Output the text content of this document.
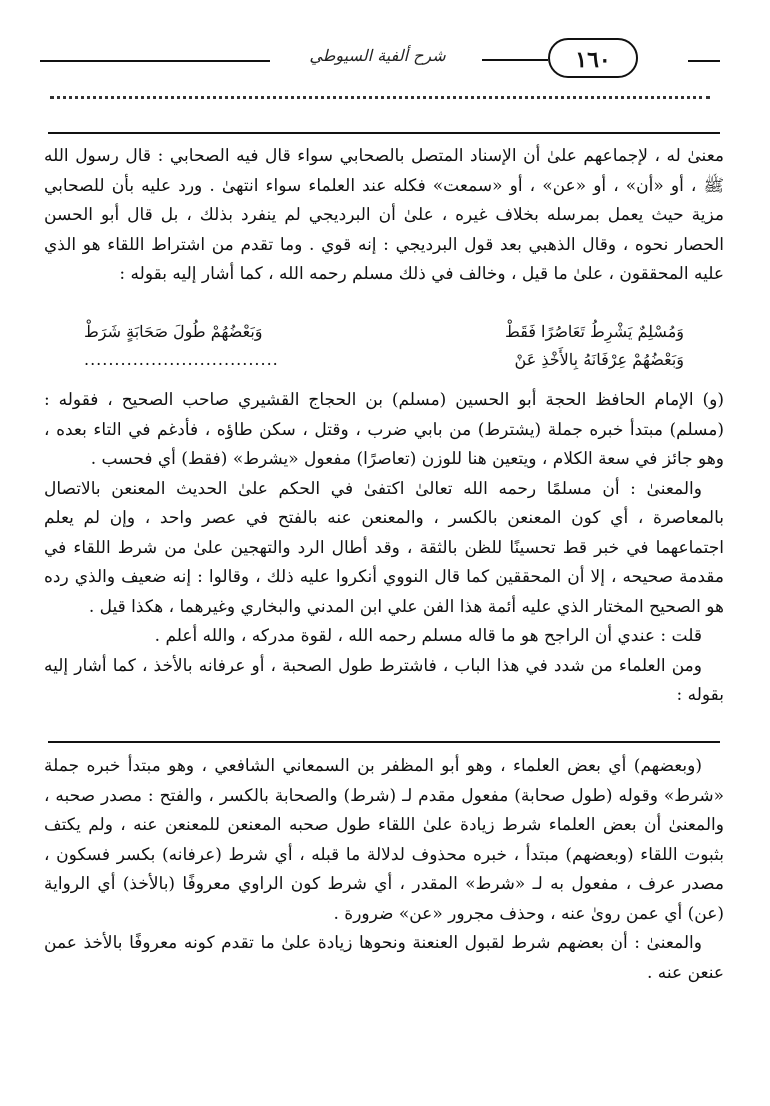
شرح ألفية السيوطي	١٦٠

معنىٰ له ، لإجماعهم علىٰ أن الإسناد المتصل بالصحابي سواء قال فيه الصحابي : قال رسول الله ﷺ ، أو «أن» ، أو «عن» ، أو «سمعت» فكله عند العلماء سواء انتهىٰ . ورد عليه بأن للصحابي مزية حيث يعمل بمرسله بخلاف غيره ، علىٰ أن البرديجي لم ينفرد بذلك ، بل قال أبو الحسن الحصار نحوه ، وقال الذهبي بعد قول البرديجي : إنه قوي . وما تقدم من اشتراط اللقاء هو الذي عليه المحققون ، علىٰ ما قيل ، وخالف في ذلك مسلم رحمه الله ، كما أشار إليه بقوله :

وَمُسْلِمٌ يَشْرِطُ تَعَاصُرًا فَقَطْ
وَبَعْضُهُمْ طُولَ صَحَابَةٍ شَرَطْ
وَبَعْضُهُمْ عِرْفَانَهُ بِالأَخْذِ عَنْ
................................

(و) الإمام الحافظ الحجة أبو الحسين (مسلم) بن الحجاج القشيري صاحب الصحيح ، فقوله : (مسلم) مبتدأ خبره جملة (يشترط) من بابي ضرب ، وقتل ، سكن طاؤه ، فأدغم في التاء بعده ، وهو جائز في سعة الكلام ، ويتعين هنا للوزن (تعاصرًا) مفعول «يشرط» (فقط) أي فحسب .

والمعنىٰ : أن مسلمًا رحمه الله تعالىٰ اكتفىٰ في الحكم علىٰ الحديث المعنعن بالاتصال بالمعاصرة ، أي كون المعنعن بالكسر ، والمعنعن عنه بالفتح في عصر واحد ، وإن لم يعلم اجتماعهما في خبر قط تحسينًا للظن بالثقة ، وقد أطال الرد والتهجين علىٰ من شرط اللقاء في مقدمة صحيحه ، إلا أن المحققين كما قال النووي أنكروا عليه ذلك ، وقالوا : إنه ضعيف والذي رده هو الصحيح المختار الذي عليه أئمة هذا الفن علي ابن المدني والبخاري وغيرهما ، هكذا قيل .

قلت : عندي أن الراجح هو ما قاله مسلم رحمه الله ، لقوة مدركه ، والله أعلم .

ومن العلماء من شدد في هذا الباب ، فاشترط طول الصحبة ، أو عرفانه بالأخذ ، كما أشار إليه بقوله :

(وبعضهم) أي بعض العلماء ، وهو أبو المظفر بن السمعاني الشافعي ، وهو مبتدأ خبره جملة «شرط» وقوله (طول صحابة) مفعول مقدم لـ (شرط) والصحابة بالكسر ، والفتح : مصدر صحبه ، والمعنىٰ أن بعض العلماء شرط زيادة علىٰ اللقاء طول صحبه المعنعن للمعنعن عنه ، ولم يكتف بثبوت اللقاء (وبعضهم) مبتدأ ، خبره محذوف لدلالة ما قبله ، أي شرط (عرفانه) بكسر فسكون ، مصدر عرف ، مفعول به لـ «شرط» المقدر ، أي شرط كون الراوي معروفًا (بالأخذ) أي الرواية (عن) أي عمن روىٰ عنه ، وحذف مجرور «عن» ضرورة .

والمعنىٰ : أن بعضهم شرط لقبول العنعنة ونحوها زيادة علىٰ ما تقدم كونه معروفًا بالأخذ عمن عنعن عنه .
